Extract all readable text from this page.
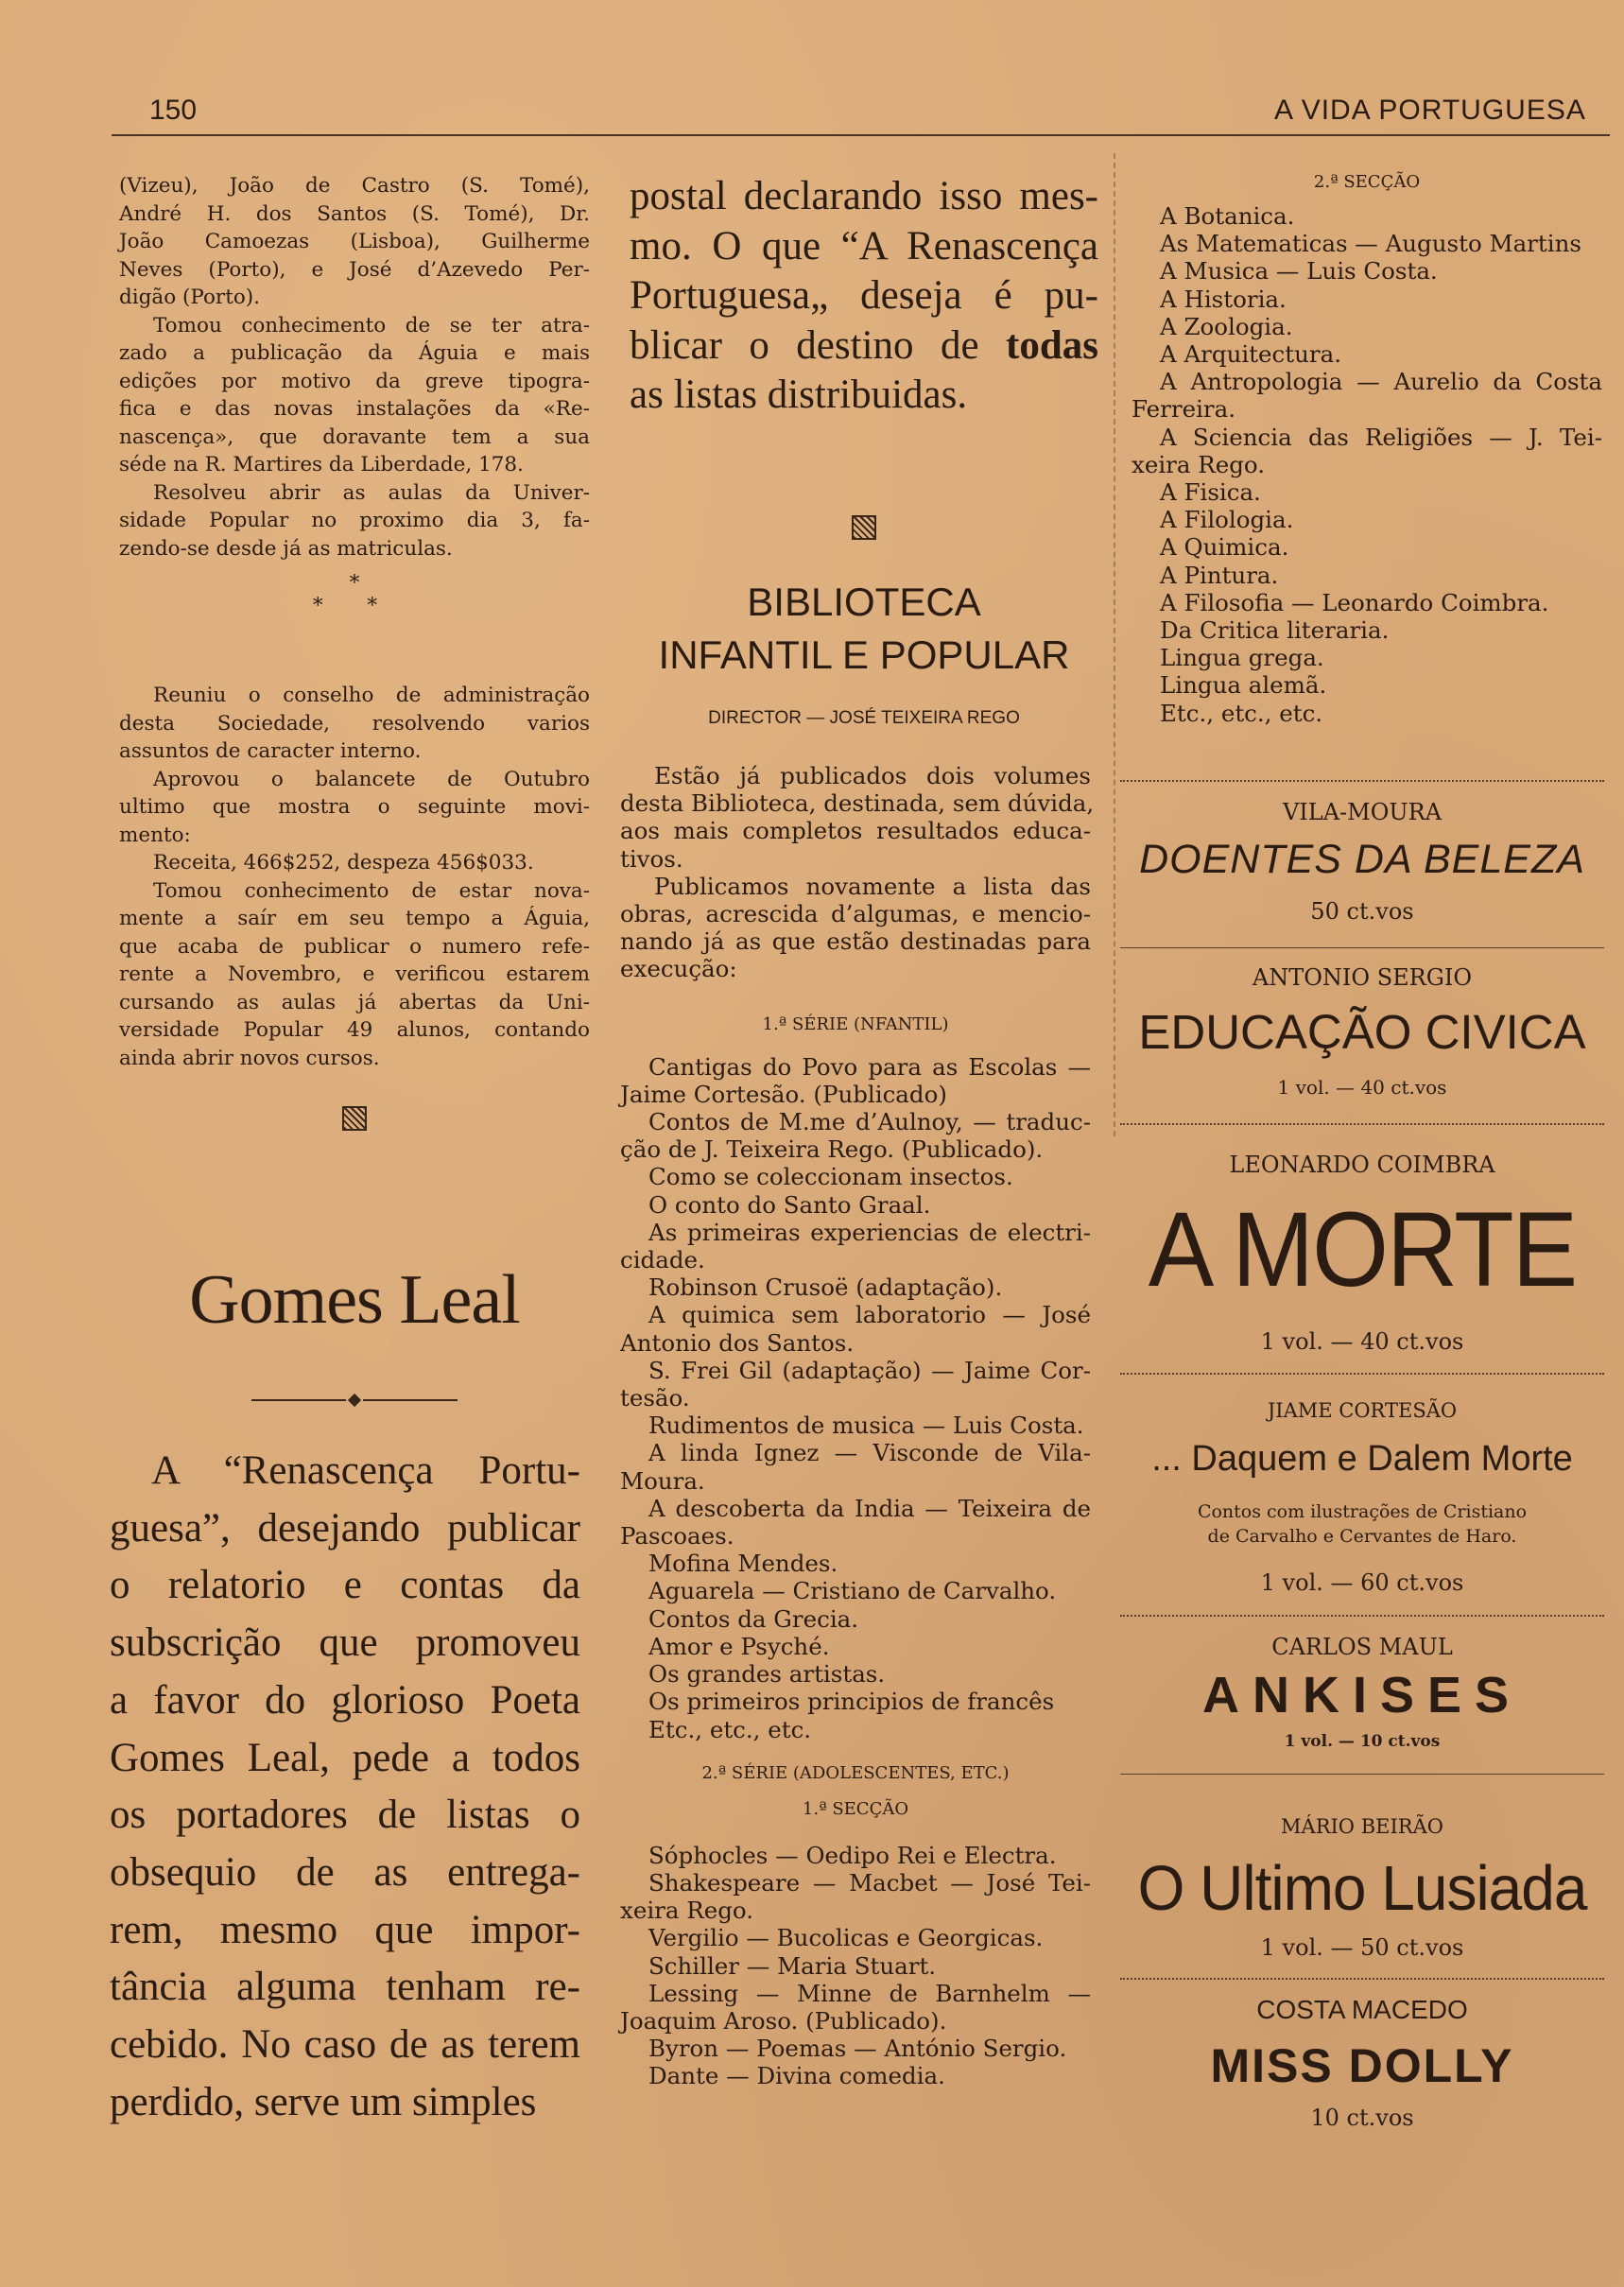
150	A VIDA PORTUGUESA
(Vizeu), João de Castro (S. Tomé),
André H. dos Santos (S. Tomé), Dr.
João Camoezas (Lisboa), Guilherme
Neves (Porto), e José d’Azevedo Per-
digão (Porto).
Tomou conhecimento de se ter atra-
zado a publicação da Águia e mais
edições por motivo da greve tipogra-
fica e das novas instalações da «Re-
nascença», que doravante tem a sua
séde na R. Martires da Liberdade, 178.
Resolveu abrir as aulas da Univer-
sidade Popular no proximo dia 3, fa-
zendo-se desde já as matriculas.
*
* *
Reuniu o conselho de administração
desta Sociedade, resolvendo varios
assuntos de caracter interno.
Aprovou o balancete de Outubro
ultimo que mostra o seguinte movi-
mento:

Receita, 466$252, despeza 456$033.

Tomou conhecimento de estar nova-
mente a saír em seu tempo a Águia,
que acaba de publicar o numero refe-
rente a Novembro, e verificou estarem
cursando as aulas já abertas da Uni-
versidade Popular 49 alunos, contando
ainda abrir novos cursos.
Gomes Leal
A “Renascença Portu-
guesa”, desejando publicar
o relatorio e contas da
subscrição que promoveu
a favor do glorioso Poeta
Gomes Leal, pede a todos
os portadores de listas o
obsequio de as entrega-
rem, mesmo que impor-
tância alguma tenham re-
cebido. No caso de as terem
perdido, serve um simples
postal declarando isso mes-
mo. O que “A Renascença
Portuguesa„ deseja é pu-
blicar o destino de todas
as listas distribuidas.
BIBLIOTECA
INFANTIL E POPULAR
DIRECTOR — JOSÉ TEIXEIRA REGO
Estão já publicados dois volumes
desta Biblioteca, destinada, sem dúvida,
aos mais completos resultados educa-
tivos.
Publicamos novamente a lista das
obras, acrescida d’algumas, e mencio-
nando já as que estão destinadas para
execução:
1.ª SÉRIE (NFANTIL)
Cantigas do Povo para as Escolas —
Jaime Cortesão. (Publicado)
Contos de M.me d’Aulnoy, — traduc-
ção de J. Teixeira Rego. (Publicado).
Como se coleccionam insectos.
O conto do Santo Graal.
As primeiras experiencias de electri-
cidade.
Robinson Crusoë (adaptação).
A quimica sem laboratorio — José
Antonio dos Santos.
S. Frei Gil (adaptação) — Jaime Cor-
tesão.
Rudimentos de musica — Luis Costa.
A linda Ignez — Visconde de Vila-
Moura.
A descoberta da India — Teixeira de
Pascoaes.
Mofina Mendes.
Aguarela — Cristiano de Carvalho.
Contos da Grecia.
Amor e Psyché.
Os grandes artistas.
Os primeiros principios de francês
Etc., etc., etc.
2.ª SÉRIE (ADOLESCENTES, ETC.)
1.ª SECÇÃO
Sóphocles — Oedipo Rei e Electra.
Shakespeare — Macbet — José Tei-
xeira Rego.
Vergilio — Bucolicas e Georgicas.
Schiller — Maria Stuart.
Lessing — Minne de Barnhelm —
Joaquim Aroso. (Publicado).
Byron — Poemas — António Sergio.
Dante — Divina comedia.
2.ª SECÇÃO
A Botanica.
As Matematicas — Augusto Martins
A Musica — Luis Costa.
A Historia.
A Zoologia.
A Arquitectura.
A Antropologia — Aurelio da Costa
Ferreira.
A Sciencia das Religiões — J. Tei-
xeira Rego.
A Fisica.
A Filologia.
A Quimica.
A Pintura.
A Filosofia — Leonardo Coimbra.
Da Critica literaria.
Lingua grega.
Lingua alemã.
Etc., etc., etc.
VILA-MOURA
DOENTES DA BELEZA
50 ct.vos
ANTONIO SERGIO
EDUCAÇÃO CIVICA
1 vol. — 40 ct.vos
LEONARDO COIMBRA
A MORTE
1 vol. — 40 ct.vos
JIAME CORTESÃO
... Daquem e Dalem Morte
Contos com ilustrações de Cristiano
de Carvalho e Cervantes de Haro.
1 vol. — 60 ct.vos
CARLOS MAUL
ANKISES
1 vol. — 10 ct.vos
MÁRIO BEIRÃO
O Ultimo Lusiada
1 vol. — 50 ct.vos
COSTA MACEDO
MISS DOLLY
10 ct.vos
